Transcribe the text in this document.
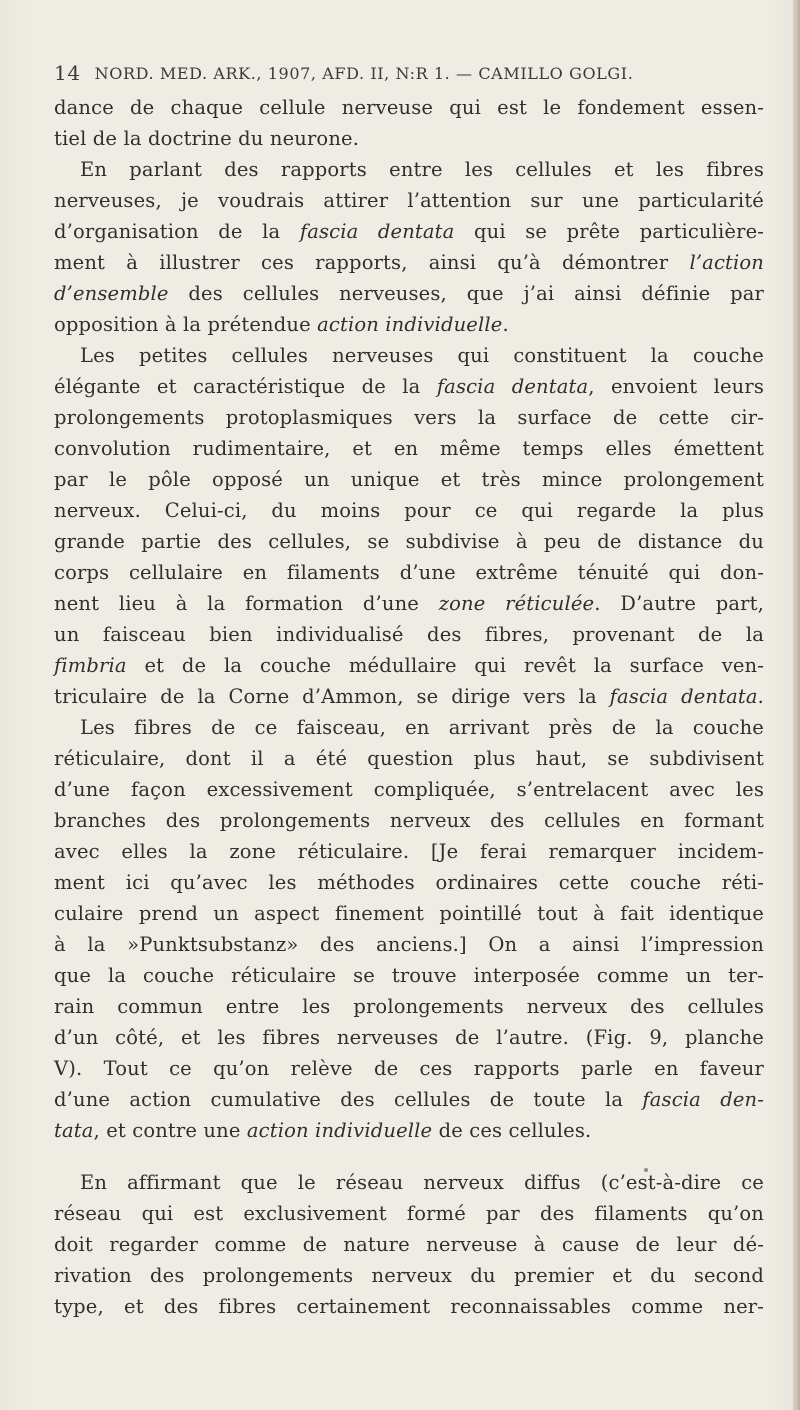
14 NORD. MED. ARK., 1907, AFD. II, N:R 1. — CAMILLO GOLGI.
dance de chaque cellule nerveuse qui est le fondement essen-
tiel de la doctrine du neurone.
En parlant des rapports entre les cellules et les fibres
nerveuses, je voudrais attirer l’attention sur une particularité
d’organisation de la fascia dentata qui se prête particulière-
ment à illustrer ces rapports, ainsi qu’à démontrer l’action
d’ensemble des cellules nerveuses, que j’ai ainsi définie par
opposition à la prétendue action individuelle.
Les petites cellules nerveuses qui constituent la couche
élégante et caractéristique de la fascia dentata, envoient leurs
prolongements protoplasmiques vers la surface de cette cir-
convolution rudimentaire, et en même temps elles émettent
par le pôle opposé un unique et très mince prolongement
nerveux. Celui-ci, du moins pour ce qui regarde la plus
grande partie des cellules, se subdivise à peu de distance du
corps cellulaire en filaments d’une extrême ténuité qui don-
nent lieu à la formation d’une zone réticulée. D’autre part,
un faisceau bien individualisé des fibres, provenant de la
fimbria et de la couche médullaire qui revêt la surface ven-
triculaire de la Corne d’Ammon, se dirige vers la fascia dentata.
Les fibres de ce faisceau, en arrivant près de la couche
réticulaire, dont il a été question plus haut, se subdivisent
d’une façon excessivement compliquée, s’entrelacent avec les
branches des prolongements nerveux des cellules en formant
avec elles la zone réticulaire. [Je ferai remarquer incidem-
ment ici qu’avec les méthodes ordinaires cette couche réti-
culaire prend un aspect finement pointillé tout à fait identique
à la »Punktsubstanz» des anciens.] On a ainsi l’impression
que la couche réticulaire se trouve interposée comme un ter-
rain commun entre les prolongements nerveux des cellules
d’un côté, et les fibres nerveuses de l’autre. (Fig. 9, planche
V). Tout ce qu’on relève de ces rapports parle en faveur
d’une action cumulative des cellules de toute la fascia den-
tata, et contre une action individuelle de ces cellules.
En affirmant que le réseau nerveux diffus (c’est-à-dire ce
réseau qui est exclusivement formé par des filaments qu’on
doit regarder comme de nature nerveuse à cause de leur dé-
rivation des prolongements nerveux du premier et du second
type, et des fibres certainement reconnaissables comme ner-
